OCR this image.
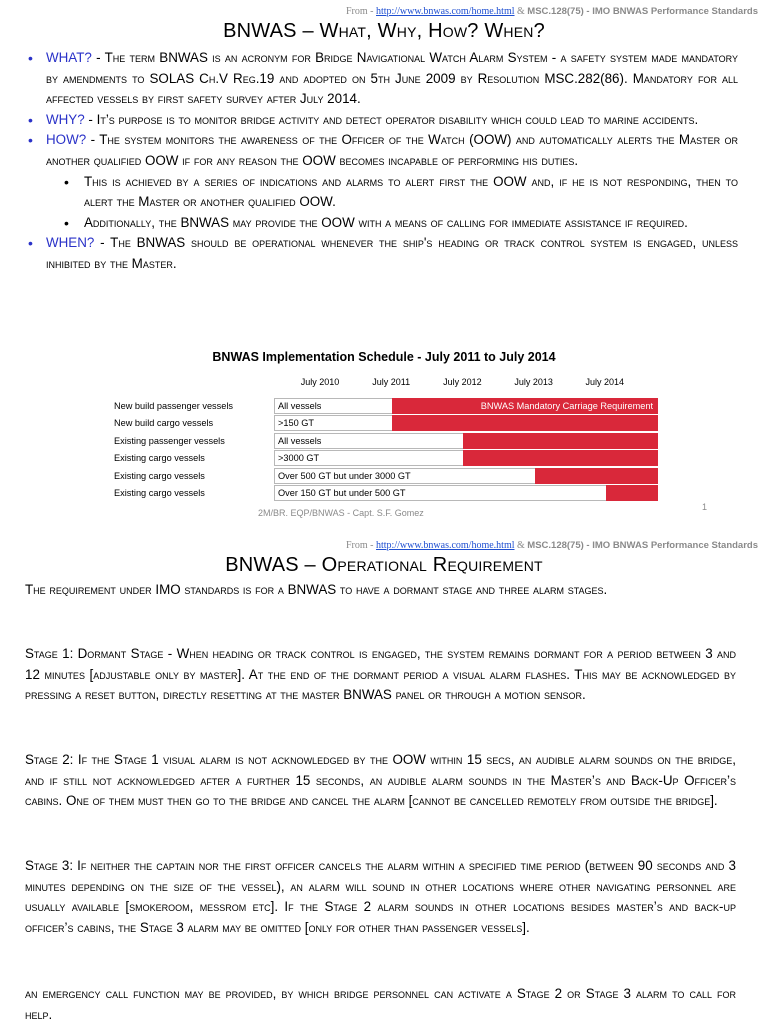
From - http://www.bnwas.com/home.html & MSC.128(75) - IMO BNWAS Performance Standards
BNWAS – What, Why, How? When?
• WHAT? - The term BNWAS is an acronym for Bridge Navigational Watch Alarm System - a safety system made mandatory by amendments to SOLAS Ch.V Reg.19 and adopted on 5th June 2009 by Resolution MSC.282(86). Mandatory for all affected vessels by first safety survey after July 2014.
• WHY? - It’s purpose is to monitor bridge activity and detect operator disability which could lead to marine accidents.
• HOW? - The system monitors the awareness of the Officer of the Watch (OOW) and automatically alerts the Master or another qualified OOW if for any reason the OOW becomes incapable of performing his duties.
• This is achieved by a series of indications and alarms to alert first the OOW and, if he is not responding, then to alert the Master or another qualified OOW.
• Additionally, the BNWAS may provide the OOW with a means of calling for immediate assistance if required.
• WHEN? - The BNWAS should be operational whenever the ship's heading or track control system is engaged, unless inhibited by the Master.
BNWAS Implementation Schedule - July 2011 to July 2014
July 2010	July 2011	July 2012	July 2013	July 2014
New build passenger vessels	All vessels	BNWAS Mandatory Carriage Requirement
New build cargo vessels	>150 GT
Existing passenger vessels	All vessels
Existing cargo vessels	>3000 GT
Existing cargo vessels	Over 500 GT but under 3000 GT
Existing cargo vessels	Over 150 GT but under 500 GT
2M/BR. EQP/BNWAS - Capt. S.F. Gomez
1
From - http://www.bnwas.com/home.html & MSC.128(75) - IMO BNWAS Performance Standards
BNWAS – Operational Requirement

The requirement under IMO standards is for a BNWAS to have a dormant stage and three alarm stages.

Stage 1: Dormant Stage - When heading or track control is engaged, the system remains dormant for a period between 3 and 12 minutes [adjustable only by master]. At the end of the dormant period a visual alarm flashes. This may be acknowledged by pressing a reset button, directly resetting at the master BNWAS panel or through a motion sensor.

Stage 2: If the Stage 1 visual alarm is not acknowledged by the OOW within 15 secs, an audible alarm sounds on the bridge, and if still not acknowledged after a further 15 seconds, an audible alarm sounds in the Master’s and Back-Up Officer’s cabins. One of them must then go to the bridge and cancel the alarm [cannot be cancelled remotely from outside the bridge].

Stage 3: If neither the captain nor the first officer cancels the alarm within a specified time period (between 90 seconds and 3 minutes depending on the size of the vessel), an alarm will sound in other locations where other navigating personnel are usually available [smokeroom, messrom etc]. If the Stage 2 alarm sounds in other locations besides master’s and back-up officer’s cabins, the Stage 3 alarm may be omitted [only for other than passenger vessels].

an emergency call function may be provided, by which bridge personnel can activate a Stage 2 or Stage 3 alarm to call for help.
